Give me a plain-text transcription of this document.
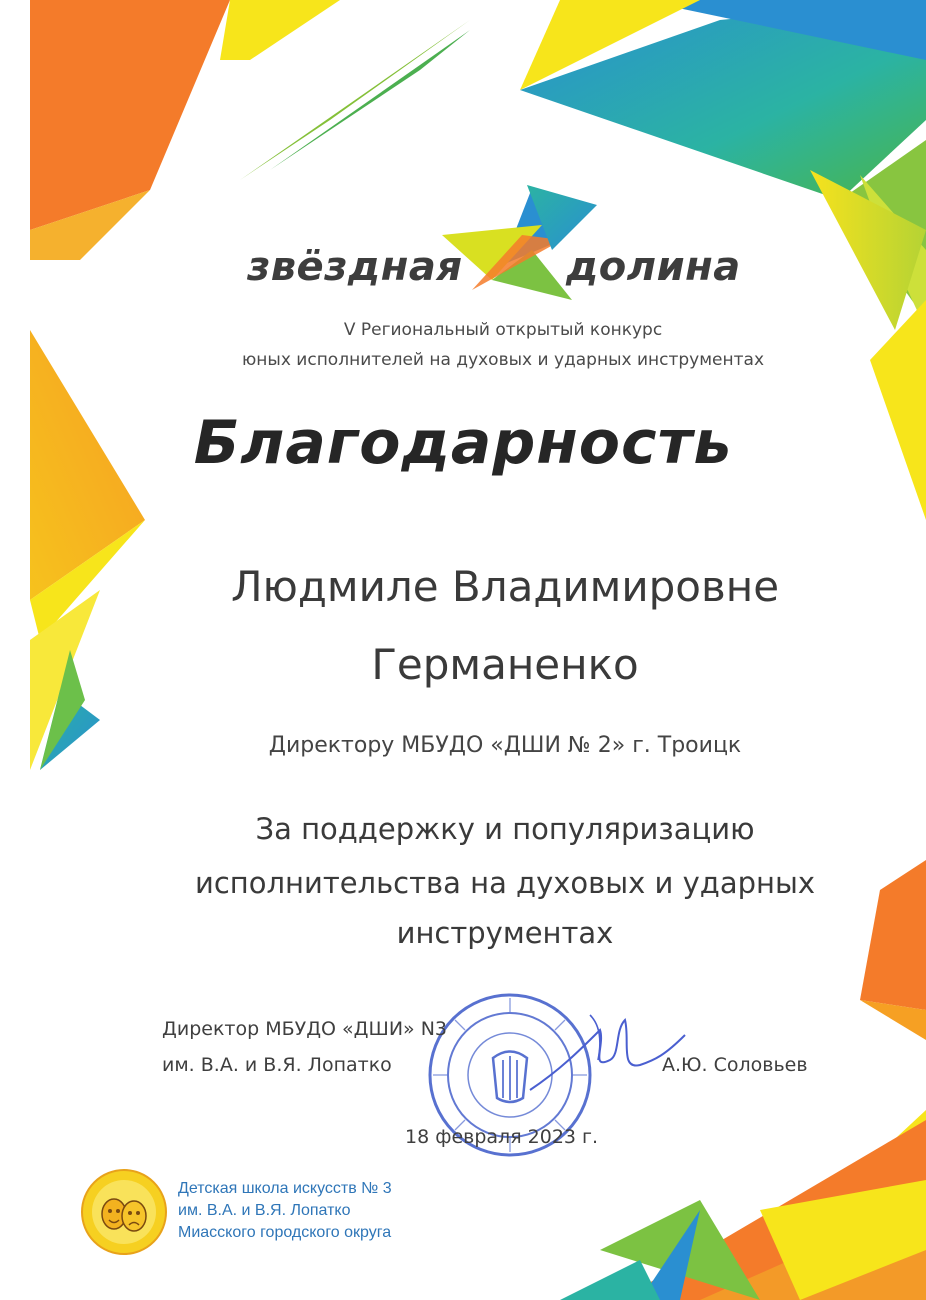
звёздная	долина
V Региональный открытый конкурс
юных исполнителей на духовых и ударных инструментах
Благодарность
Людмиле Владимировне
Германенко
Директору МБУДО «ДШИ № 2» г. Троицк
За поддержку и популяризацию
исполнительства на духовых и ударных
инструментах
Директор МБУДО «ДШИ» N3
им. В.А. и В.Я. Лопатко	А.Ю. Соловьев
18 февраля 2023 г.
Детская школа искусств № 3
им. В.А. и В.Я. Лопатко
Миасского городского округа
